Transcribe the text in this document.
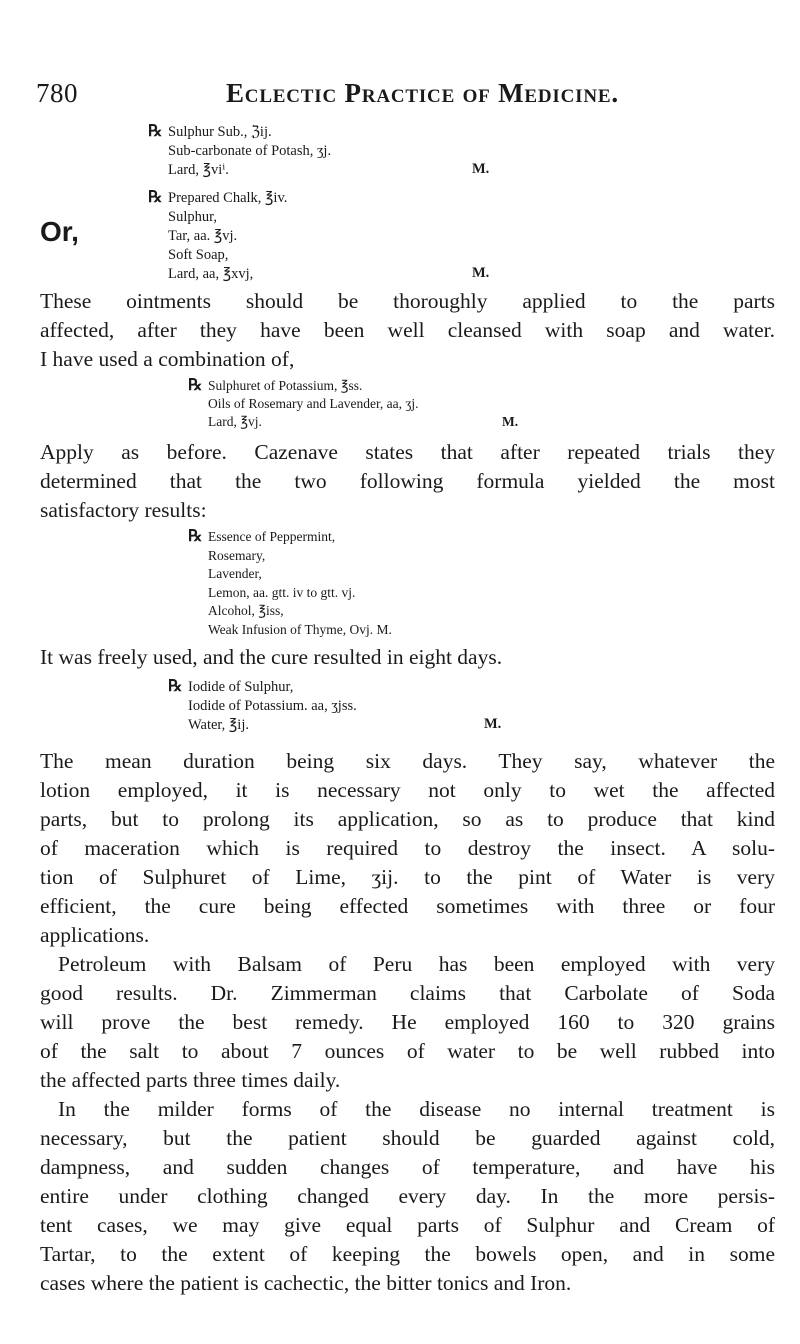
780	Eclectic Practice of Medicine.
℞ Sulphur Sub., ℨij.
Sub-carbonate of Potash, ʒj.
Lard, ℥viⁱ.	M.
Or,
℞ Prepared Chalk, ℥iv.
Sulphur,
Tar, aa. ℥vj.
Soft Soap,
Lard, aa, ℥xvj,	M.
These ointments should be thoroughly applied to the parts
affected, after they have been well cleansed with soap and water.
I have used a combination of,
℞ Sulphuret of Potassium, ℥ss.
Oils of Rosemary and Lavender, aa, ʒj.
Lard, ℥vj.	M.
Apply as before. Cazenave states that after repeated trials they
determined that the two following formula yielded the most
satisfactory results:
℞ Essence of Peppermint,
Rosemary,
Lavender,
Lemon, aa. gtt. iv to gtt. vj.
Alcohol, ℥iss,
Weak Infusion of Thyme, Ovj. M.
It was freely used, and the cure resulted in eight days.
℞ Iodide of Sulphur,
Iodide of Potassium. aa, ʒjss.
Water, ℥ij.	M.
The mean duration being six days. They say, whatever the
lotion employed, it is necessary not only to wet the affected
parts, but to prolong its application, so as to produce that kind
of maceration which is required to destroy the insect. A solu-
tion of Sulphuret of Lime, ʒij. to the pint of Water is very
efficient, the cure being effected sometimes with three or four
applications.
Petroleum with Balsam of Peru has been employed with very
good results. Dr. Zimmerman claims that Carbolate of Soda
will prove the best remedy. He employed 160 to 320 grains
of the salt to about 7 ounces of water to be well rubbed into
the affected parts three times daily.
In the milder forms of the disease no internal treatment is
necessary, but the patient should be guarded against cold,
dampness, and sudden changes of temperature, and have his
entire under clothing changed every day. In the more persis-
tent cases, we may give equal parts of Sulphur and Cream of
Tartar, to the extent of keeping the bowels open, and in some
cases where the patient is cachectic, the bitter tonics and Iron.
